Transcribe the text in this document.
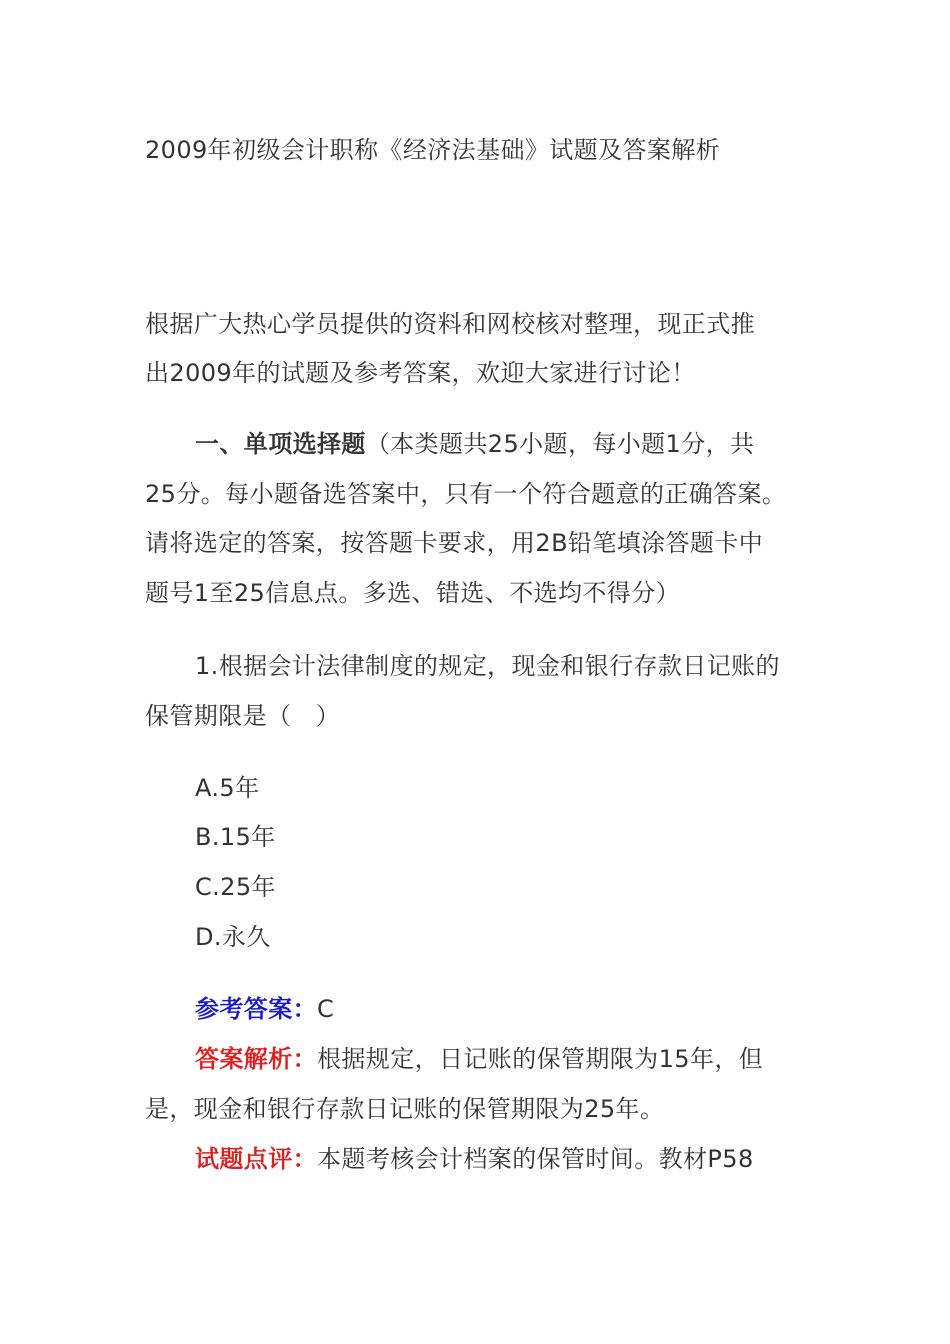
2009年初级会计职称《经济法基础》试题及答案解析
根据广大热心学员提供的资料和网校核对整理，现正式推
出2009年的试题及参考答案，欢迎大家进行讨论！
一、单项选择题（本类题共25小题，每小题1分，共
25分。每小题备选答案中，只有一个符合题意的正确答案。
请将选定的答案，按答题卡要求，用2B铅笔填涂答题卡中
题号1至25信息点。多选、错选、不选均不得分）
1.根据会计法律制度的规定，现金和银行存款日记账的
保管期限是（　）
A.5年
B.15年
C.25年
D.永久
参考答案：C
答案解析：根据规定，日记账的保管期限为15年，但
是，现金和银行存款日记账的保管期限为25年。
试题点评：本题考核会计档案的保管时间。教材P58
